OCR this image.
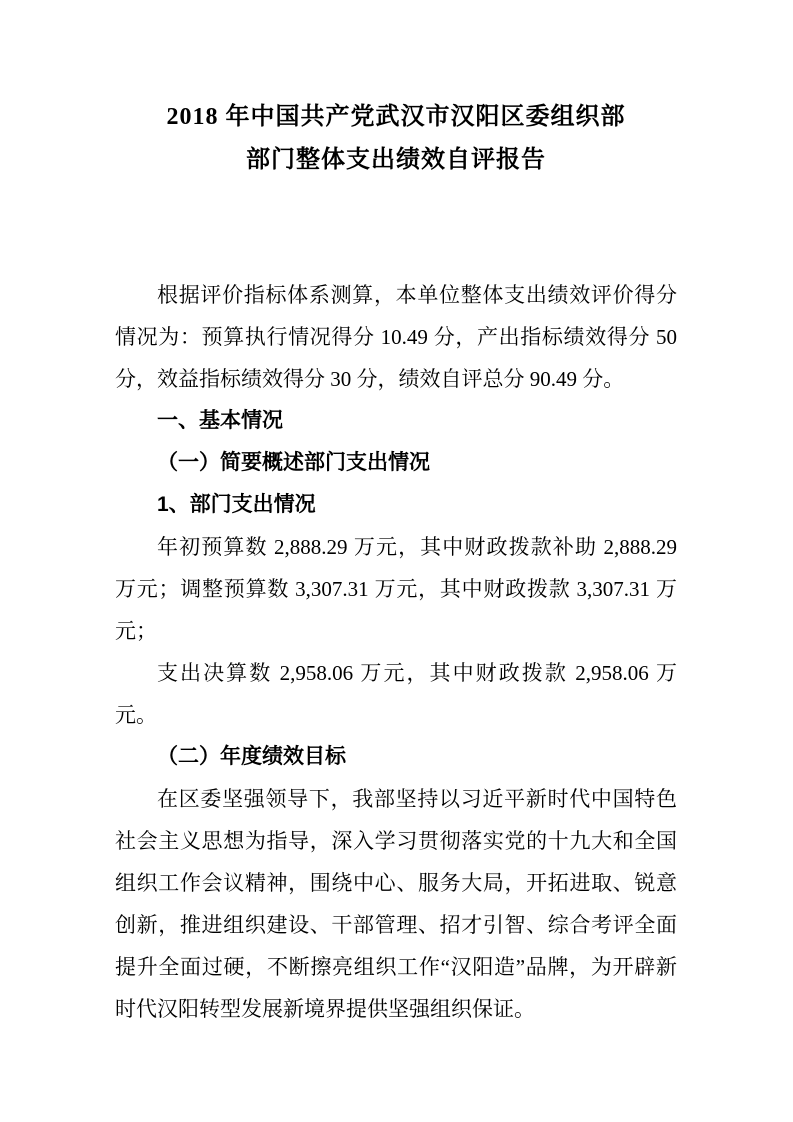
2018 年中国共产党武汉市汉阳区委组织部
部门整体支出绩效自评报告

根据评价指标体系测算，本单位整体支出绩效评价得分情况为：预算执行情况得分 10.49 分，产出指标绩效得分 50 分，效益指标绩效得分 30 分，绩效自评总分 90.49 分。

一、基本情况
（一）简要概述部门支出情况
1、部门支出情况

年初预算数 2,888.29 万元，其中财政拨款补助 2,888.29 万元；调整预算数 3,307.31 万元，其中财政拨款 3,307.31 万元；

支出决算数 2,958.06 万元，其中财政拨款 2,958.06 万元。

（二）年度绩效目标

在区委坚强领导下，我部坚持以习近平新时代中国特色社会主义思想为指导，深入学习贯彻落实党的十九大和全国组织工作会议精神，围绕中心、服务大局，开拓进取、锐意创新，推进组织建设、干部管理、招才引智、综合考评全面提升全面过硬，不断擦亮组织工作“汉阳造”品牌，为开辟新时代汉阳转型发展新境界提供坚强组织保证。
